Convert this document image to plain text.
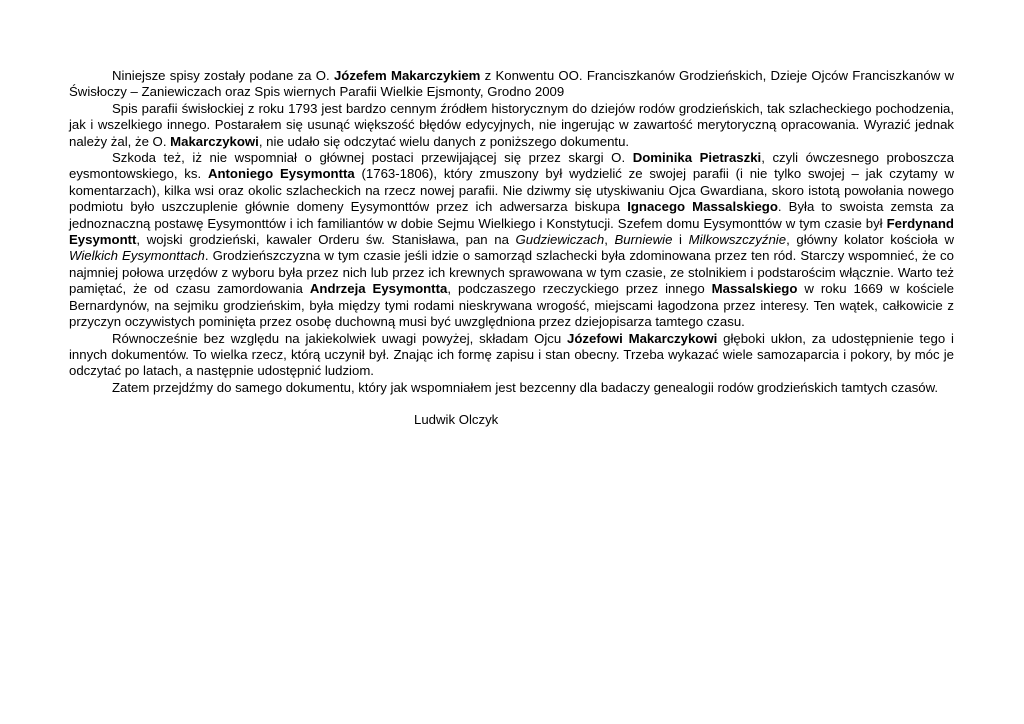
Niniejsze spisy zostały podane za O. Józefem Makarczykiem z Konwentu OO. Franciszkanów Grodzieńskich, Dzieje Ojców Franciszkanów w Świsłoczy – Zaniewiczach oraz Spis wiernych Parafii Wielkie Ejsmonty, Grodno 2009

Spis parafii świsłockiej z roku 1793 jest bardzo cennym źródłem historycznym do dziejów rodów grodzieńskich, tak szlacheckiego pochodzenia, jak i wszelkiego innego. Postarałem się usunąć większość błędów edycyjnych, nie ingerując w zawartość merytoryczną opracowania. Wyrazić jednak należy żal, że O. Makarczykowi, nie udało się odczytać wielu danych z poniższego dokumentu.

Szkoda też, iż nie wspomniał o głównej postaci przewijającej się przez skargi O. Dominika Pietraszki, czyli ówczesnego proboszcza eysmontowskiego, ks. Antoniego Eysymontta (1763-1806), który zmuszony był wydzielić ze swojej parafii (i nie tylko swojej – jak czytamy w komentarzach), kilka wsi oraz okolic szlacheckich na rzecz nowej parafii. Nie dziwmy się utyskiwaniu Ojca Gwardiana, skoro istotą powołania nowego podmiotu było uszczuplenie głównie domeny Eysymonttów przez ich adwersarza biskupa Ignacego Massalskiego. Była to swoista zemsta za jednoznaczną postawę Eysymonttów i ich familiantów w dobie Sejmu Wielkiego i Konstytucji. Szefem domu Eysymonttów w tym czasie był Ferdynand Eysymontt, wojski grodzieński, kawaler Orderu św. Stanisława, pan na Gudziewiczach, Burniewie i Milkowszczyźnie, główny kolator kościoła w Wielkich Eysymonttach. Grodzieńszczyzna w tym czasie jeśli idzie o samorząd szlachecki była zdominowana przez ten ród. Starczy wspomnieć, że co najmniej połowa urzędów z wyboru była przez nich lub przez ich krewnych sprawowana w tym czasie, ze stolnikiem i podstarościm włącznie. Warto też pamiętać, że od czasu zamordowania Andrzeja Eysymontta, podczaszego rzeczyckiego przez innego Massalskiego w roku 1669 w kościele Bernardynów, na sejmiku grodzieńskim, była między tymi rodami nieskrywana wrogość, miejscami łagodzona przez interesy. Ten wątek, całkowicie z przyczyn oczywistych pominięta przez osobę duchowną musi być uwzględniona przez dziejopisarza tamtego czasu.

Równocześnie bez względu na jakiekolwiek uwagi powyżej, składam Ojcu Józefowi Makarczykowi głęboki ukłon, za udostępnienie tego i innych dokumentów. To wielka rzecz, którą uczynił był. Znając ich formę zapisu i stan obecny. Trzeba wykazać wiele samozaparcia i pokory, by móc je odczytać po latach, a następnie udostępnić ludziom.

Zatem przejdźmy do samego dokumentu, który jak wspomniałem jest bezcenny dla badaczy genealogii rodów grodzieńskich tamtych czasów.

Ludwik Olczyk
